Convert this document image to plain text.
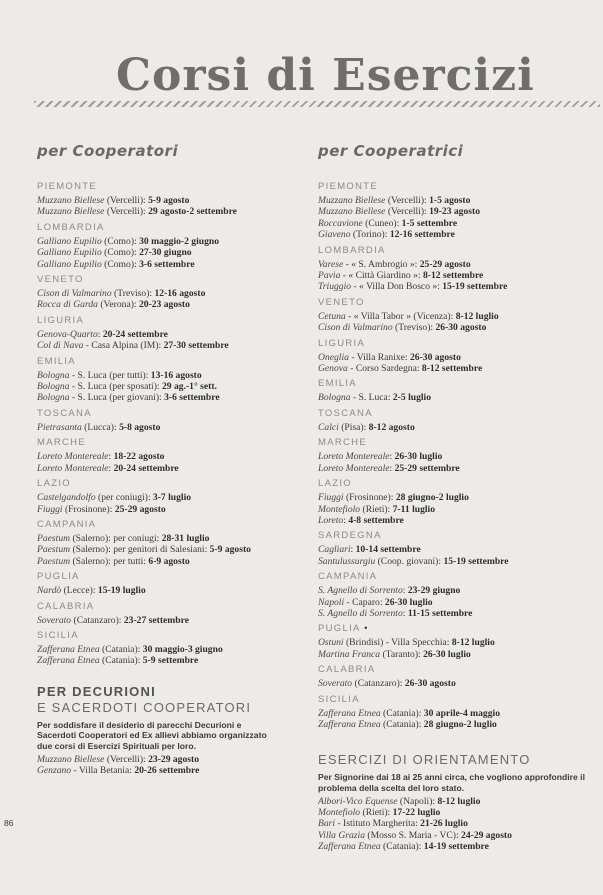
Corsi di Esercizi
per Cooperatori
PIEMONTE
Muzzano Biellese (Vercelli): 5-9 agosto
Muzzano Biellese (Vercelli): 29 agosto-2 settembre
LOMBARDIA
Galliano Eupilio (Como): 30 maggio-2 giugno
Galliano Eupilio (Como): 27-30 giugno
Galliano Eupilio (Como): 3-6 settembre
VENETO
Cison di Valmarino (Treviso): 12-16 agosto
Rocca di Garda (Verona): 20-23 agosto
LIGURIA
Genova-Quarto: 20-24 settembre
Col di Nava - Casa Alpina (IM): 27-30 settembre
EMILIA
Bologna - S. Luca (per tutti): 13-16 agosto
Bologna - S. Luca (per sposati): 29 ag.-1° sett.
Bologna - S. Luca (per giovani): 3-6 settembre
TOSCANA
Pietrasanta (Lucca): 5-8 agosto
MARCHE
Loreto Montereale: 18-22 agosto
Loreto Montereale: 20-24 settembre
LAZIO
Castelgandolfo (per coniugi): 3-7 luglio
Fiuggi (Frosinone): 25-29 agosto
CAMPANIA
Paestum (Salerno): per coniugi: 28-31 luglio
Paestum (Salerno): per genitori di Salesiani: 5-9 agosto
Paestum (Salerno): per tutti: 6-9 agosto
PUGLIA
Nardò (Lecce): 15-19 luglio
CALABRIA
Soverato (Catanzaro): 23-27 settembre
SICILIA
Zafferana Etnea (Catania): 30 maggio-3 giugno
Zafferana Etnea (Catania): 5-9 settembre
PER DECURIONI
E SACERDOTI COOPERATORI
Per soddisfare il desiderio di parecchi Decurioni e Sacerdoti Cooperatori ed Ex allievi abbiamo organizzato due corsi di Esercizi Spirituali per loro.
Muzzano Biellese (Vercelli): 23-29 agosto
Genzano - Villa Betania: 20-26 settembre
per Cooperatrici
PIEMONTE
Muzzano Biellese (Vercelli): 1-5 agosto
Muzzano Biellese (Vercelli): 19-23 agosto
Roccavione (Cuneo): 1-5 settembre
Giaveno (Torino): 12-16 settembre
LOMBARDIA
Varese - « S. Ambrogio »: 25-29 agosto
Pavia - « Città Giardino »: 8-12 settembre
Triuggio - « Villa Don Bosco »: 15-19 settembre
VENETO
Cetuna - « Villa Tabor » (Vicenza): 8-12 luglio
Cison di Valmarino (Treviso): 26-30 agosto
LIGURIA
Oneglia - Villa Ranixe: 26-30 agosto
Genova - Corso Sardegna: 8-12 settembre
EMILIA
Bologna - S. Luca: 2-5 luglio
TOSCANA
Calci (Pisa): 8-12 agosto
MARCHE
Loreto Montereale: 26-30 luglio
Loreto Montereale: 25-29 settembre
LAZIO
Fiuggi (Frosinone): 28 giugno-2 luglio
Montefiolo (Rieti): 7-11 luglio
Loreto: 4-8 settembre
SARDEGNA
Cagliari: 10-14 settembre
Santulussurgiu (Coop. giovani): 15-19 settembre
CAMPANIA
S. Agnello di Sorrento: 23-29 giugno
Napoli - Caparo: 26-30 luglio
S. Agnello di Sorrento: 11-15 settembre
PUGLIA •
Ostuni (Brindisi) - Villa Specchia: 8-12 luglio
Martina Franca (Taranto): 26-30 luglio
CALABRIA
Soverato (Catanzaro): 26-30 agosto
SICILIA
Zafferana Etnea (Catania): 30 aprile-4 maggio
Zafferana Etnea (Catania): 28 giugno-2 luglio
ESERCIZI DI ORIENTAMENTO
Per Signorine dai 18 ai 25 anni circa, che vogliono approfondire il problema della scelta del loro stato.
Albori-Vico Equense (Napoli): 8-12 luglio
Montefiolo (Rieti): 17-22 luglio
Bari - Istituto Margherita: 21-26 luglio
Villa Grazia (Mosso S. Maria - VC): 24-29 agosto
Zafferana Etnea (Catania): 14-19 settembre
86
